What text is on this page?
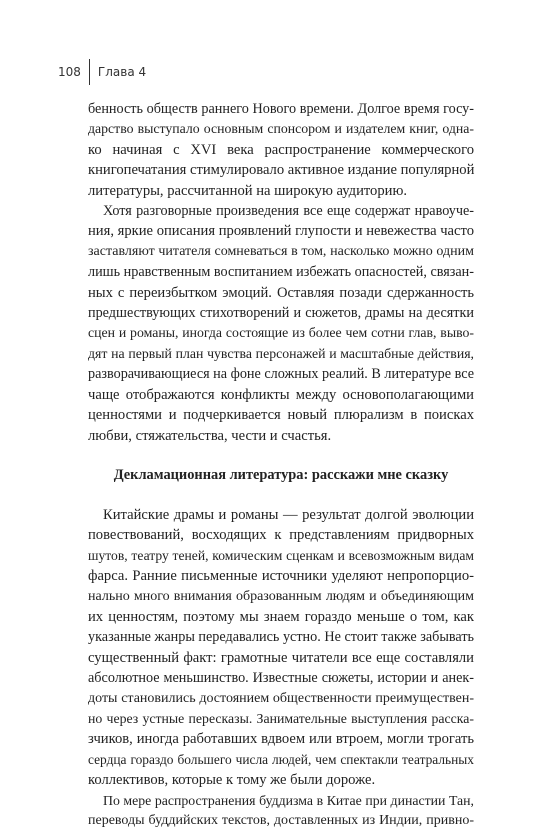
108	Глава 4

бенность обществ раннего Нового времени. Долгое время госу-

дарство выступало основным спонсором и издателем книг, одна-

ко начиная с XVI века распространение коммерческого

книгопечатания стимулировало активное издание популярной

литературы, рассчитанной на широкую аудиторию.

Хотя разговорные произведения все еще содержат нравоуче-

ния, яркие описания проявлений глупости и невежества часто

заставляют читателя сомневаться в том, насколько можно одним

лишь нравственным воспитанием избежать опасностей, связан-

ных с переизбытком эмоций. Оставляя позади сдержанность

предшествующих стихотворений и сюжетов, драмы на десятки

сцен и романы, иногда состоящие из более чем сотни глав, выво-

дят на первый план чувства персонажей и масштабные действия,

разворачивающиеся на фоне сложных реалий. В литературе все

чаще отображаются конфликты между основополагающими

ценностями и подчеркивается новый плюрализм в поисках

любви, стяжательства, чести и счастья.

Декламационная литература: расскажи мне сказку

Китайские драмы и романы — результат долгой эволюции

повествований, восходящих к представлениям придворных

шутов, театру теней, комическим сценкам и всевозможным видам

фарса. Ранние письменные источники уделяют непропорцио-

нально много внимания образованным людям и объединяющим

их ценностям, поэтому мы знаем гораздо меньше о том, как

указанные жанры передавались устно. Не стоит также забывать

существенный факт: грамотные читатели все еще составляли

абсолютное меньшинство. Известные сюжеты, истории и анек-

доты становились достоянием общественности преимуществен-

но через устные пересказы. Занимательные выступления расска-

зчиков, иногда работавших вдвоем или втроем, могли трогать

сердца гораздо большего числа людей, чем спектакли театральных

коллективов, которые к тому же были дороже.

По мере распространения буддизма в Китае при династии Тан,

переводы буддийских текстов, доставленных из Индии, привно-
